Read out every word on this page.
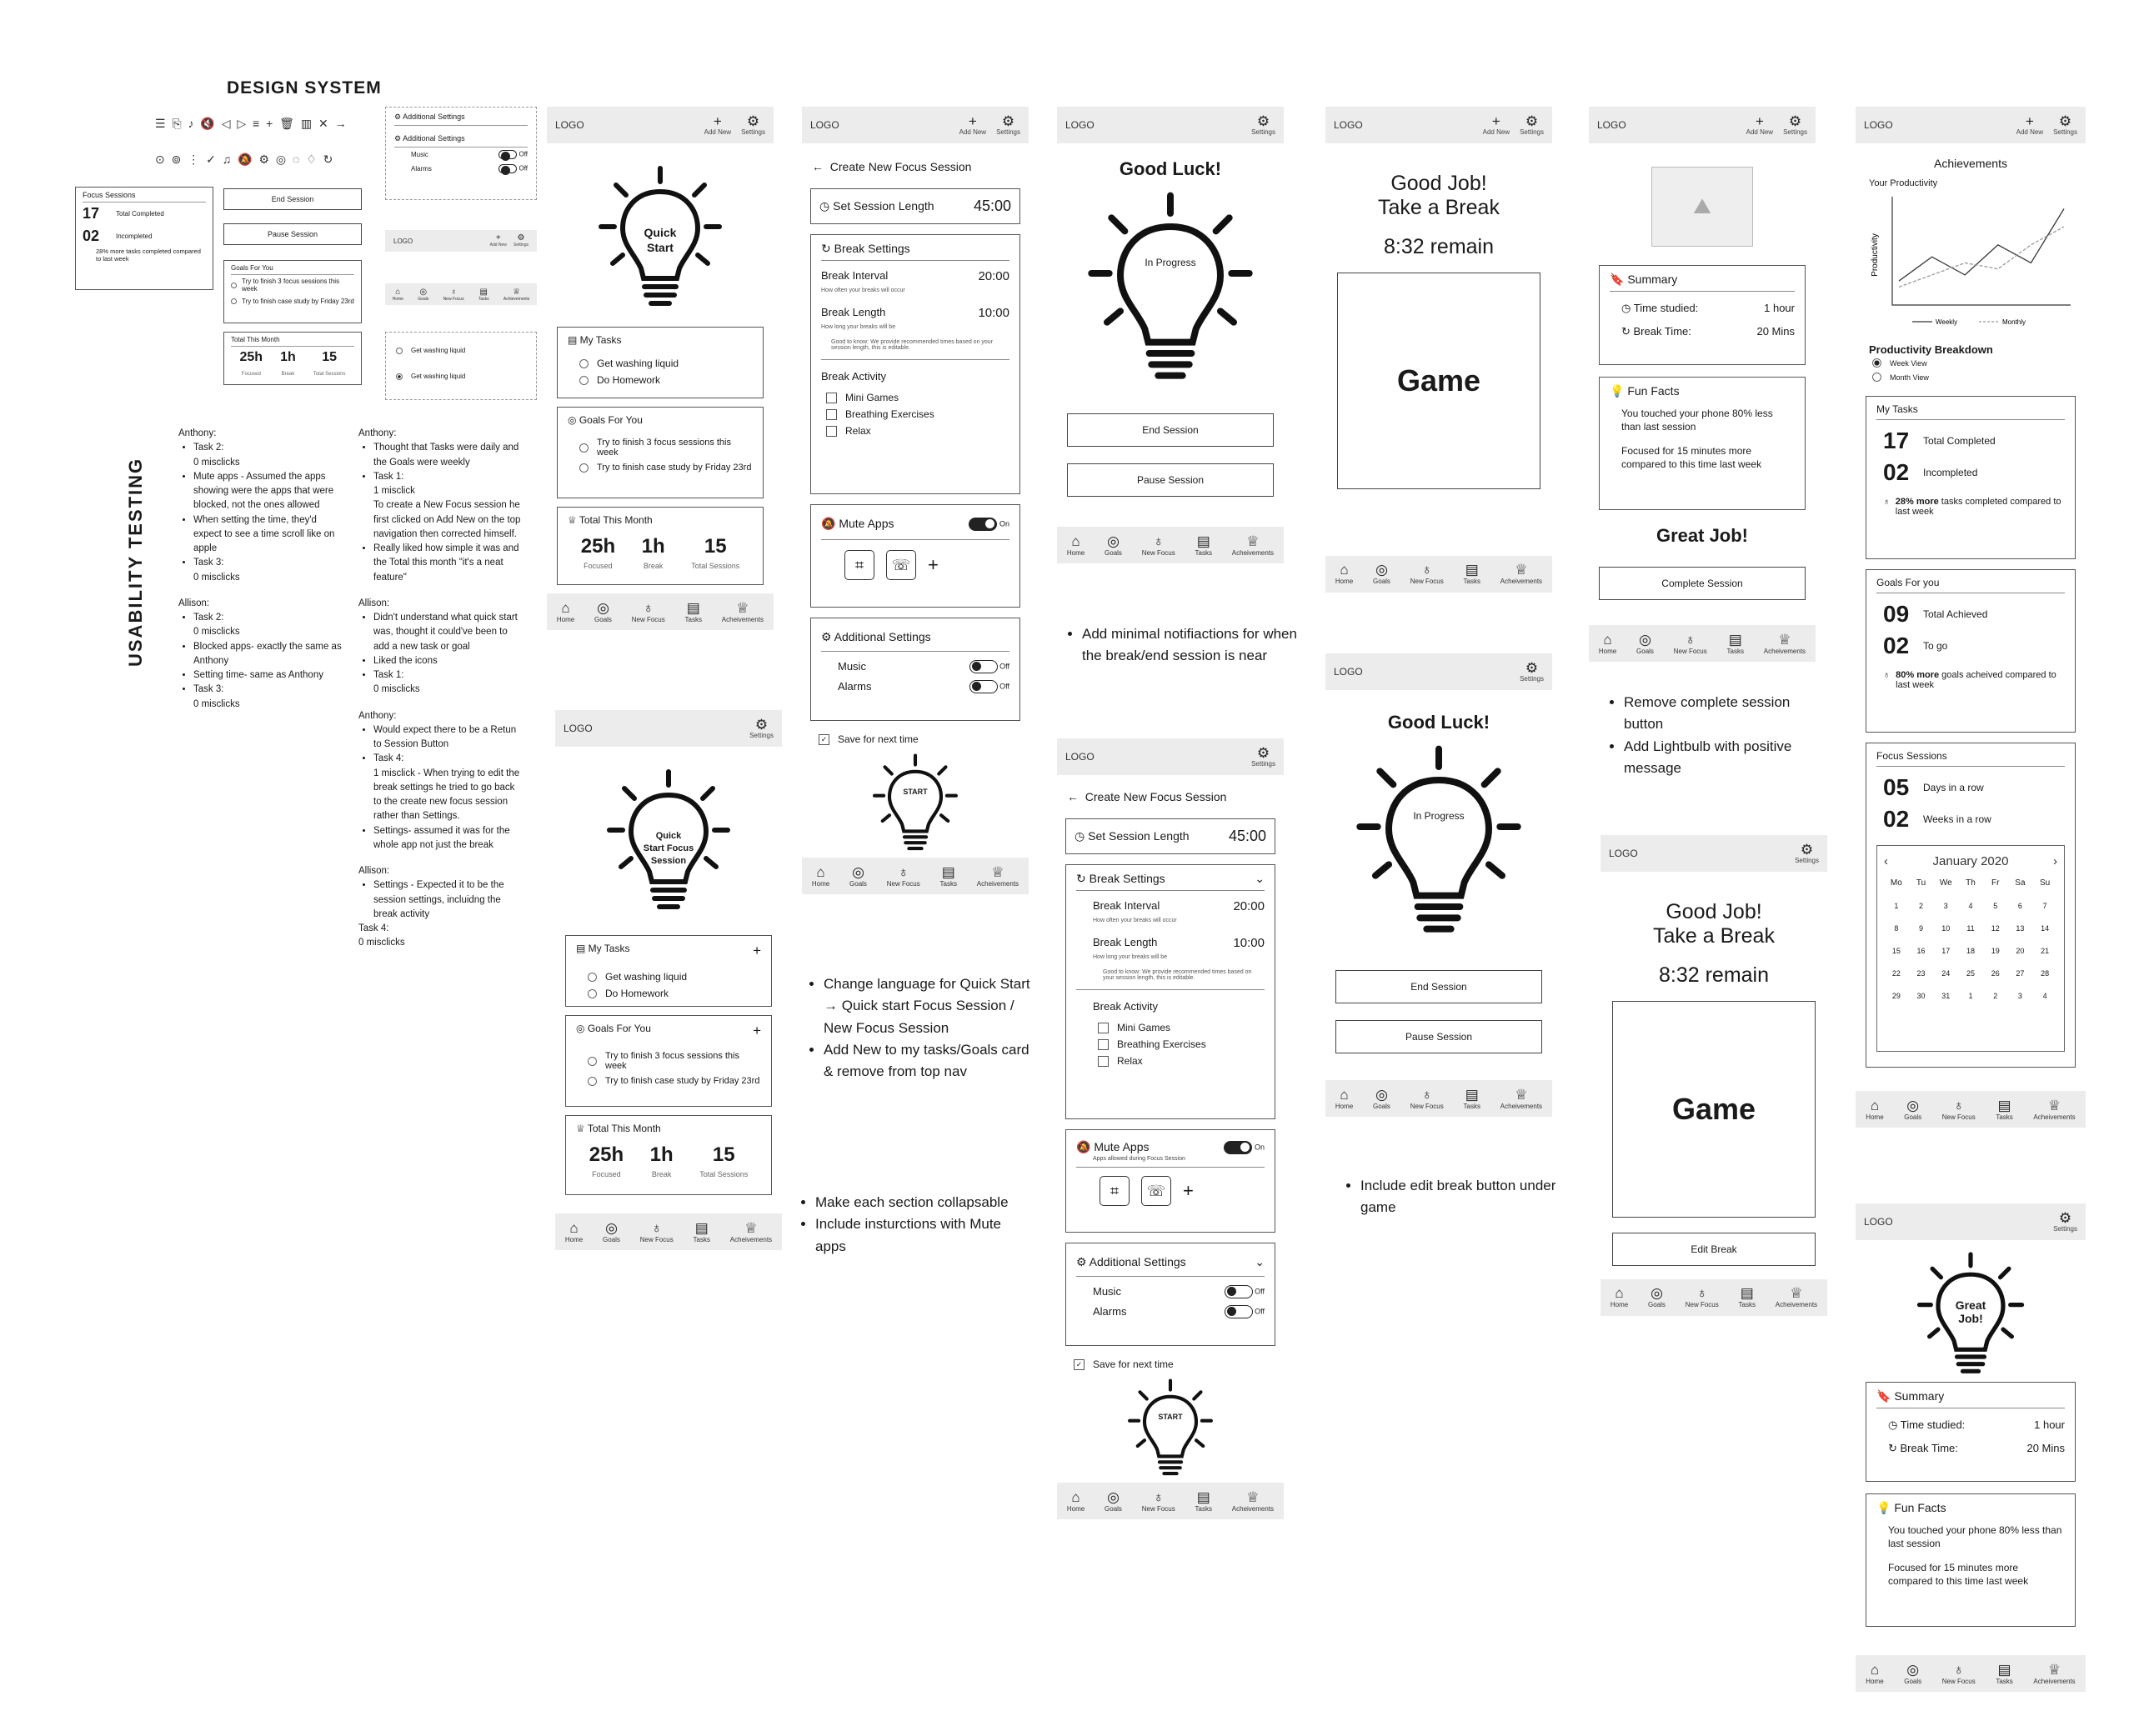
DESIGN SYSTEM
☰ ⎘ ♪ 🔇 ◁ ▷ ≡ + 🗑 ▥ ✕ →
⊙ ⊚ ⋮ ✓ ♫ 🔕 ⚙ ◎ ◌ ♢ ↻
Focus Sessions
17	Total Completed
02	Incompleted
28% more tasks completed compared to last week
End Session
Pause Session
Goals For You
Try to finish 3 focus sessions this week
Try to finish case study by Friday 23rd
Total This Month
25h
Focused
1h
Break
15
Total Sessions
⚙ Additional Settings
⚙ Additional Settings
Music	Off
Alarms	Off
LOGO	+
Add New
⚙
Settings
⌂
Home
◎
Goals
♁
New Focus
▤
Tasks
♕
Achievements
Get washing liquid
Get washing liquid
USABILITY TESTING
Anthony:
• Task 2:
0 misclicks
• Mute apps - Assumed the apps showing were the apps that were blocked, not the ones allowed
• When setting the time, they'd expect to see a time scroll like on apple
• Task 3:
0 misclicks
Allison:
• Task 2:
0 misclicks
• Blocked apps- exactly the same as Anthony
• Setting time- same as Anthony
• Task 3:
0 misclicks
Anthony:
• Thought that Tasks were daily and the Goals were weekly
• Task 1:
1 misclick
To create a New Focus session he first clicked on Add New on the top navigation then corrected himself.
• Really liked how simple it was and the Total this month "it's a neat feature"
Allison:
• Didn't understand what quick start was, thought it could've been to add a new task or goal
• Liked the icons
• Task 1:
0 misclicks
Anthony:
• Would expect there to be a Retun to Session Button
• Task 4:
1 misclick - When trying to edit the break settings he tried to go back to the create new focus session rather than Settings.
• Settings- assumed it was for the whole app not just the break
Allison:
• Settings - Expected it to be the session settings, incluidng the break activity
Task 4:
0 misclicks
LOGO	+
Add New
⚙
Settings
Quick
Start
▤ My Tasks
Get washing liquid
Do Homework
◎ Goals For You
Try to finish 3 focus sessions this week
Try to finish case study by Friday 23rd
♕ Total This Month
25h
Focused
1h
Break
15
Total Sessions
⌂
Home
◎
Goals
♁
New Focus
▤
Tasks
♕
Acheivements
LOGO	⚙
Settings
Quick
Start Focus
Session
▤ My Tasks	+
Get washing liquid
Do Homework
◎ Goals For You	+
Try to finish 3 focus sessions this week
Try to finish case study by Friday 23rd
♕ Total This Month
25h
Focused
1h
Break
15
Total Sessions
⌂
Home
◎
Goals
♁
New Focus
▤
Tasks
♕
Acheivements
LOGO	+
Add New
⚙
Settings
←  Create New Focus Session
◷ Set Session Length	45:00
↻ Break Settings
Break Interval
How often your breaks will occur
20:00
Break Length
How long your breaks will be
10:00
Good to know: We provide recommended times based on your session length, this is editable.
Break Activity
Mini Games
Breathing Exercises
Relax
🔕 Mute Apps	On
⌗	☏ +
⚙ Additional Settings
Music	Off
Alarms	Off
✓ Save for next time
START
⌂
Home
◎
Goals
♁
New Focus
▤
Tasks
♕
Acheivements
• Change language for Quick Start → Quick start Focus Session / New Focus Session
• Add New to my tasks/Goals card & remove from top nav
• Make each section collapsable
• Include insturctions with Mute apps
LOGO	⚙
Settings
Good Luck!
In Progress
End Session
Pause Session
⌂
Home
◎
Goals
♁
New Focus
▤
Tasks
♕
Acheivements
• Add minimal notifiactions for when the break/end session is near
LOGO	⚙
Settings
←  Create New Focus Session
◷ Set Session Length	45:00
↻ Break Settings	⌄
Break Interval
How often your breaks will occur
20:00
Break Length
How long your breaks will be
10:00
Good to know: We provide recommended times based on your session length, this is editable.
Break Activity
Mini Games
Breathing Exercises
Relax
🔕 Mute Apps	On
Apps allowed during Focus Session
⌗	☏ +
⚙ Additional Settings	⌄
Music	Off
Alarms	Off
✓ Save for next time
START
⌂
Home
◎
Goals
♁
New Focus
▤
Tasks
♕
Acheivements
LOGO	+
Add New
⚙
Settings
Good Job!
Take a Break
8:32 remain
Game
⌂
Home
◎
Goals
♁
New Focus
▤
Tasks
♕
Acheivements
LOGO	⚙
Settings
Good Luck!
In Progress
End Session
Pause Session
⌂
Home
◎
Goals
♁
New Focus
▤
Tasks
♕
Acheivements
• Include edit break button under game
LOGO	+
Add New
⚙
Settings
⛰
🔖 Summary
◷ Time studied:	1 hour
↻ Break Time:	20 Mins
💡 Fun Facts
You touched your phone 80% less than last session
Focused for 15 minutes more compared to this time last week
Great Job!
Complete Session
⌂
Home
◎
Goals
♁
New Focus
▤
Tasks
♕
Acheivements
• Remove complete session button
• Add Lightbulb with positive message
LOGO	⚙
Settings
Good Job!
Take a Break
8:32 remain
Game
Edit Break
⌂
Home
◎
Goals
♁
New Focus
▤
Tasks
♕
Acheivements
LOGO	+
Add New
⚙
Settings
Achievements
Your Productivity
Productivity
Weekly	Monthly
Productivity Breakdown
Week View
Month View
My Tasks
17	Total Completed
02	Incompleted
♁ 28% more tasks completed compared to last week
Goals For you
09	Total Achieved
02	To go
♁ 80% more goals acheived compared to last week
Focus Sessions
05	Days in a row
02	Weeks in a row
‹	January 2020	›
Mo	Tu	We	Th	Fr	Sa	Su
1	2	3	4	5	6	7
8	9	10	11	12	13	14
15	16	17	18	19	20	21
22	23	24	25	26	27	28
29	30	31	1	2	3	4
⌂
Home
◎
Goals
♁
New Focus
▤
Tasks
♕
Acheivements
LOGO	⚙
Settings
Great
Job!
🔖 Summary
◷ Time studied:	1 hour
↻ Break Time:	20 Mins
💡 Fun Facts
You touched your phone 80% less than last session
Focused for 15 minutes more compared to this time last week
⌂
Home
◎
Goals
♁
New Focus
▤
Tasks
♕
Acheivements
